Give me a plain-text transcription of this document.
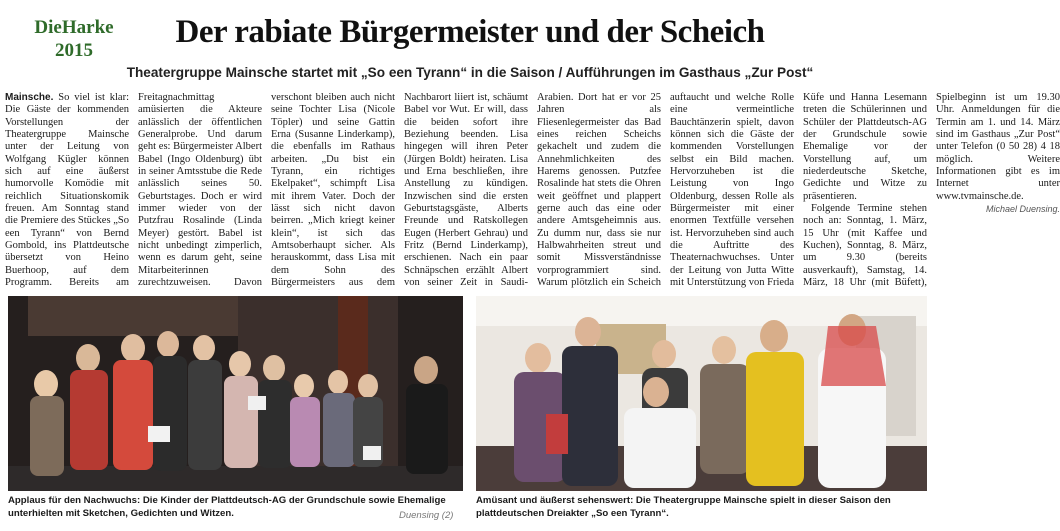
DieHarke
2015
Der rabiate Bürgermeister und der Scheich
Theatergruppe Mainsche startet mit „So een Tyrann“ in die Saison / Aufführungen im Gasthaus „Zur Post“

Mainsche. So viel ist klar: Die Gäste der kommenden Vorstellungen der Theatergruppe Mainsche unter der Leitung von Wolfgang Kügler können sich auf eine äußerst humorvolle Komödie mit reichlich Situationskomik freuen. Am Sonntag stand die Premiere des Stückes „So een Tyrann“ von Bernd Gombold, ins Plattdeutsche übersetzt von Heino Buerhoop, auf dem Programm. Bereits am Freitagnachmittag amüsierten die Akteure anlässlich der öffentlichen Generalprobe. Und darum geht es: Bürgermeister Albert Babel (Ingo Oldenburg) übt in seiner Amtsstube die Rede anlässlich seines 50. Geburtstages. Doch er wird immer wieder von der Putzfrau Rosalinde (Linda Meyer) gestört. Babel ist nicht unbedingt zimperlich, wenn es darum geht, seine Mitarbeiterinnen zurechtzuweisen. Davon verschont bleiben auch nicht seine Tochter Lisa (Nicole Töpler) und seine Gattin Erna (Susanne Linderkamp), die ebenfalls im Rathaus arbeiten. „Du bist ein Tyrann, ein richtiges Ekelpaket“, schimpft Lisa mit ihrem Vater. Doch der lässt sich nicht davon beirren. „Mich kriegt keiner klein“, ist sich das Amtsoberhaupt sicher. Als herauskommt, dass Lisa mit dem Sohn des Bürgermeisters aus dem Nachbarort liiert ist, schäumt Babel vor Wut. Er will, dass die beiden sofort ihre Beziehung beenden. Lisa hingegen will ihren Peter (Jürgen Boldt) heiraten. Lisa und Erna beschließen, ihre Anstellung zu kündigen. Inzwischen sind die ersten Geburtstagsgäste, Alberts Freunde und Ratskollegen Eugen (Herbert Gehrau) und Fritz (Bernd Linderkamp), erschienen. Nach ein paar Schnäpschen erzählt Albert von seiner Zeit in Saudi-Arabien. Dort hat er vor 25 Jahren als Fliesenlegermeister das Bad eines reichen Scheichs gekachelt und zudem die Annehmlichkeiten des Harems genossen. Putzfee Rosalinde hat stets die Ohren weit geöffnet und plappert gerne auch das eine oder andere Amtsgeheimnis aus. Zu dumm nur, dass sie nur Halbwahrheiten streut und somit Missverständnisse vorprogrammiert sind. Warum plötzlich ein Scheich auftaucht und welche Rolle eine vermeintliche Bauchtänzerin spielt, davon können sich die Gäste der kommenden Vorstellungen selbst ein Bild machen. Hervorzuheben ist die Leistung von Ingo Oldenburg, dessen Rolle als Bürgermeister mit einer enormen Textfülle versehen ist. Hervorzuheben sind auch die Auftritte des Theaternachwuchses. Unter der Leitung von Jutta Witte mit Unterstützung von Frieda Küfe und Hanna Lesemann treten die Schülerinnen und Schüler der Plattdeutsch-AG der Grundschule sowie Ehemalige vor der Vorstellung auf, um niederdeutsche Sketche, Gedichte und Witze zu präsentieren.

Folgende Termine stehen noch an: Sonntag, 1. März, 15 Uhr (mit Kaffee und Kuchen), Sonntag, 8. März, um 9.30 (bereits ausverkauft), Samstag, 14. März, 18 Uhr (mit Büfett), Spielbeginn ist um 19.30 Uhr. Anmeldungen für die Termin am 1. und 14. März sind im Gasthaus „Zur Post“ unter Telefon (0 50 28) 4 18 möglich. Weitere Informationen gibt es im Internet unter www.tvmainsche.de.

Michael Duensing.
Applaus für den Nachwuchs: Die Kinder der Plattdeutsch-AG der Grundschule sowie Ehemalige unterhielten mit Sketchen, Gedichten und Witzen.	Duensing (2)
Amüsant und äußerst sehenswert: Die Theatergruppe Mainsche spielt in dieser Saison den plattdeutschen Dreiakter „So een Tyrann“.
